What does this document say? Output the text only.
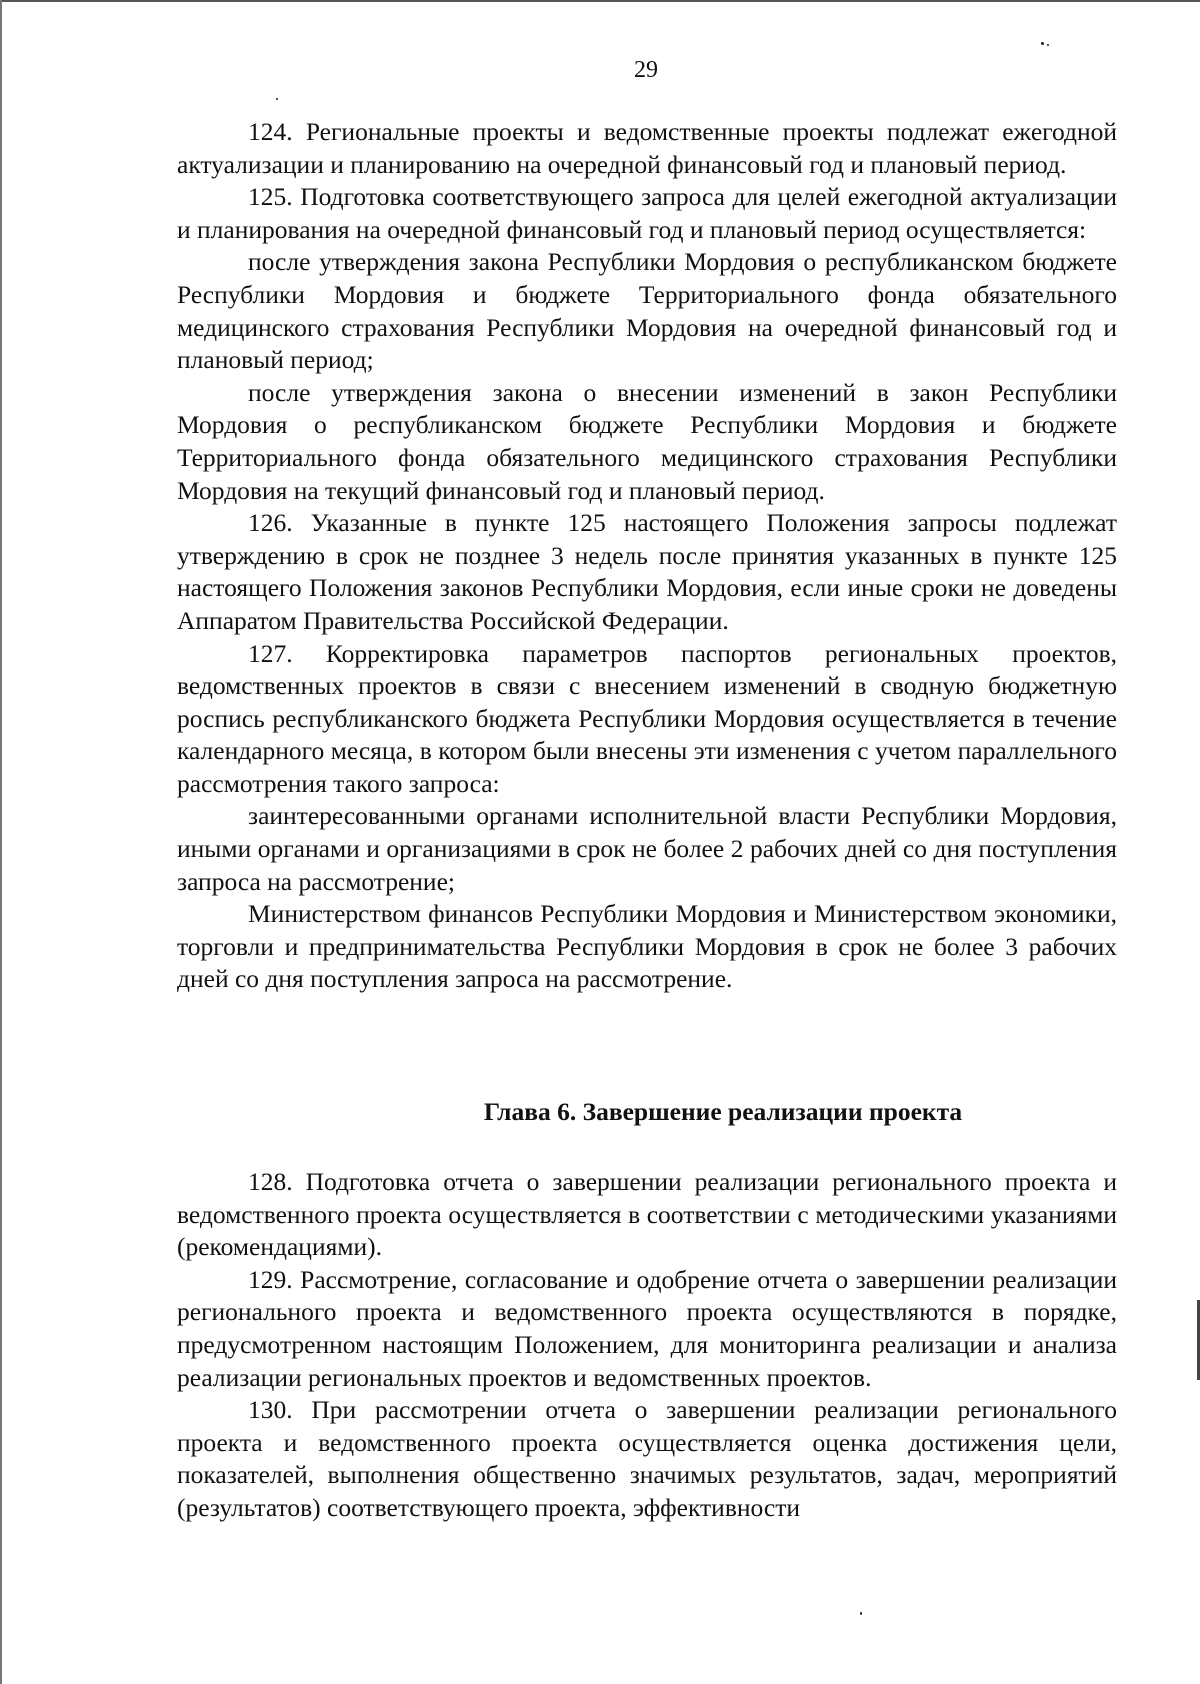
29

124. Региональные проекты и ведомственные проекты подлежат ежегодной актуализации и планированию на очередной финансовый год и плановый период.

125. Подготовка соответствующего запроса для целей ежегодной актуализации и планирования на очередной финансовый год и плановый период осуществляется:

после утверждения закона Республики Мордовия о республиканском бюджете Республики Мордовия и бюджете Территориального фонда обязательного медицинского страхования Республики Мордовия на очередной финансовый год и плановый период;

после утверждения закона о внесении изменений в закон Республики Мордовия о республиканском бюджете Республики Мордовия и бюджете Территориального фонда обязательного медицинского страхования Республики Мордовия на текущий финансовый год и плановый период.

126. Указанные в пункте 125 настоящего Положения запросы подлежат утверждению в срок не позднее 3 недель после принятия указанных в пункте 125 настоящего Положения законов Республики Мордовия, если иные сроки не доведены Аппаратом Правительства Российской Федерации.

127. Корректировка параметров паспортов региональных проектов, ведомственных проектов в связи с внесением изменений в сводную бюджетную роспись республиканского бюджета Республики Мордовия осуществляется в течение календарного месяца, в котором были внесены эти изменения с учетом параллельного рассмотрения такого запроса:

заинтересованными органами исполнительной власти Республики Мордовия, иными органами и организациями в срок не более 2 рабочих дней со дня поступления запроса на рассмотрение;

Министерством финансов Республики Мордовия и Министерством экономики, торговли и предпринимательства Республики Мордовия в срок не более 3 рабочих дней со дня поступления запроса на рассмотрение.

Глава 6. Завершение реализации проекта

128. Подготовка отчета о завершении реализации регионального проекта и ведомственного проекта осуществляется в соответствии с методическими указаниями (рекомендациями).

129. Рассмотрение, согласование и одобрение отчета о завершении реализации регионального проекта и ведомственного проекта осуществляются в порядке, предусмотренном настоящим Положением, для мониторинга реализации и анализа реализации региональных проектов и ведомственных проектов.

130. При рассмотрении отчета о завершении реализации регионального проекта и ведомственного проекта осуществляется оценка достижения цели, показателей, выполнения общественно значимых результатов, задач, мероприятий (результатов) соответствующего проекта, эффективности
